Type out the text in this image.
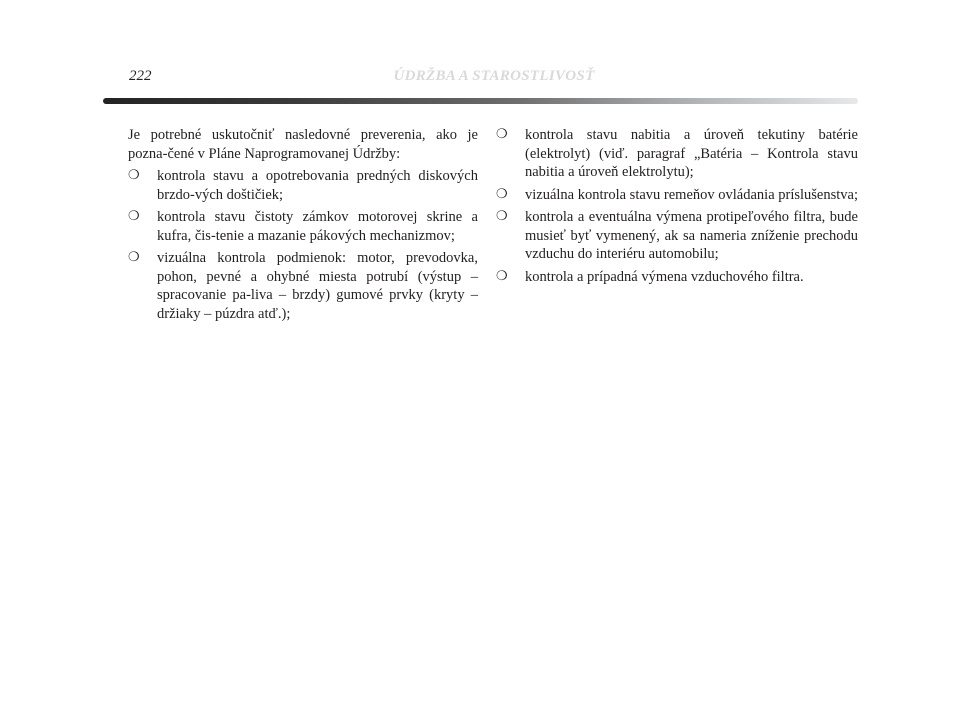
222	ÚDRŽBA A STAROSTLIVOSŤ

Je potrebné uskutočniť nasledovné preverenia, ako je pozna-čené v Pláne Naprogramovanej Údržby:

❍ kontrola stavu a opotrebovania predných diskových brzdo-vých doštičiek;
❍ kontrola stavu čistoty zámkov motorovej skrine a kufra, čis-tenie a mazanie pákových mechanizmov;
❍ vizuálna kontrola podmienok: motor, prevodovka, pohon, pevné a ohybné miesta potrubí (výstup – spracovanie pa-liva – brzdy) gumové prvky (kryty – držiaky – púzdra atď.);
❍ kontrola stavu nabitia a úroveň tekutiny batérie (elektrolyt) (viď. paragraf „Batéria – Kontrola stavu nabitia a úroveň elektrolytu);
❍ vizuálna kontrola stavu remeňov ovládania príslušenstva;
❍ kontrola a eventuálna výmena protipeľového filtra, bude musieť byť vymenený, ak sa nameria zníženie prechodu vzduchu do interiéru automobilu;
❍ kontrola a prípadná výmena vzduchového filtra.
